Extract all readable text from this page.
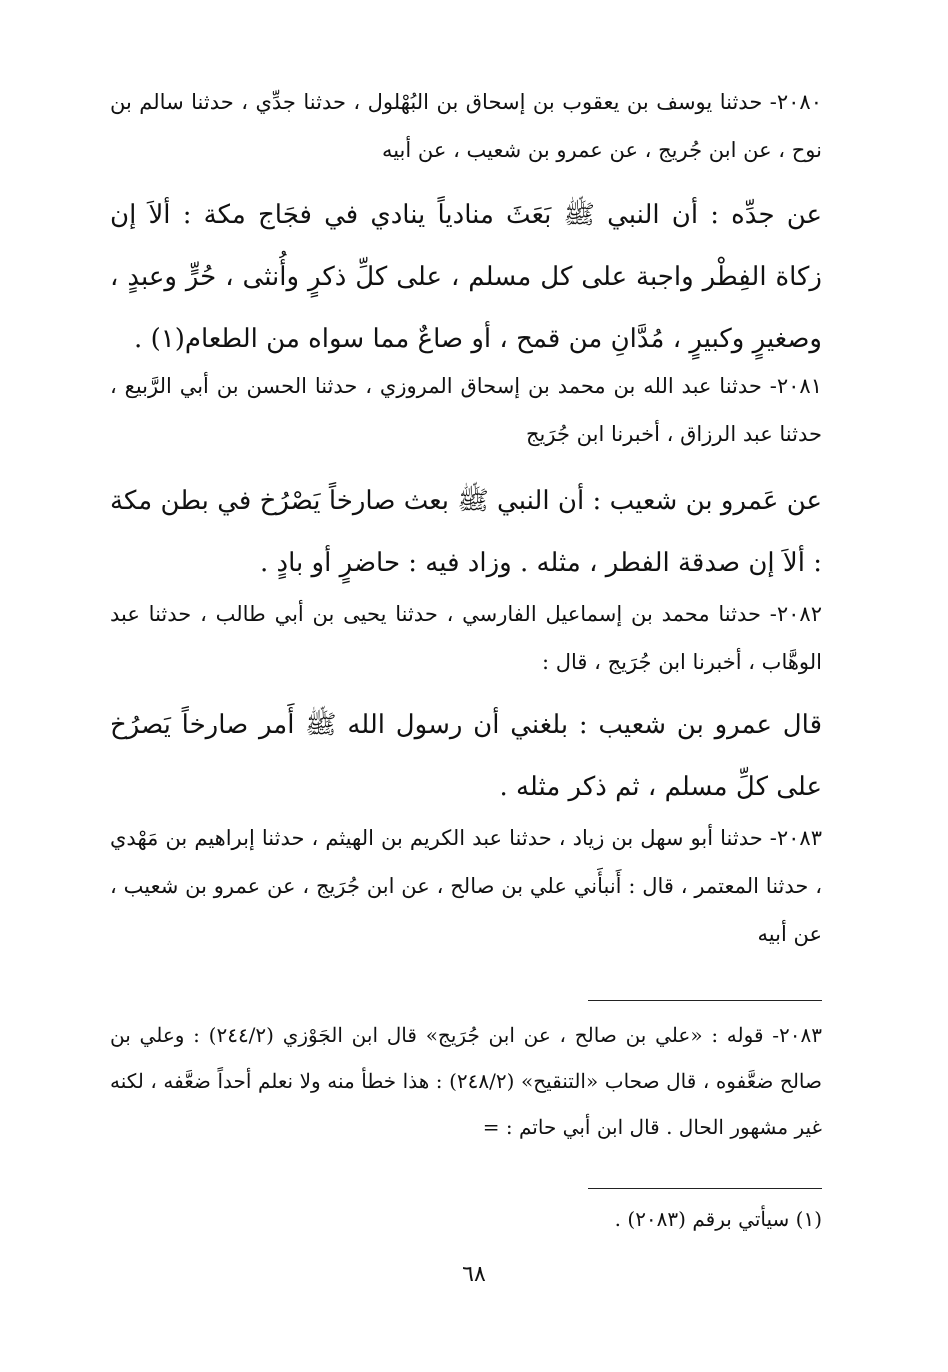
٢٠٨٠- حدثنا يوسف بن يعقوب بن إسحاق بن البُهْلول ، حدثنا جدِّي ، حدثنا سالم بن نوح ، عن ابن جُريج ، عن عمرو بن شعيب ، عن أبيه

عن جدِّه : أن النبي ﷺ بَعَثَ منادياً ينادي في فجَاج مكة : ألاَ إن زكاة الفِطْر واجبة على كل مسلم ، على كلِّ ذكرٍ وأُنثى ، حُرٍّ وعبدٍ ، وصغيرٍ وكبيرٍ ، مُدَّانِ من قمح ، أو صاعٌ مما سواه من الطعام(١) .

٢٠٨١- حدثنا عبد الله بن محمد بن إسحاق المروزي ، حدثنا الحسن بن أبي الرَّبيع ، حدثنا عبد الرزاق ، أخبرنا ابن جُرَيج

عن عَمرو بن شعيب : أن النبي ﷺ بعث صارخاً يَصْرُخ في بطن مكة : ألاَ إن صدقة الفطر ، مثله . وزاد فيه : حاضرٍ أو بادٍ .

٢٠٨٢- حدثنا محمد بن إسماعيل الفارسي ، حدثنا يحيى بن أبي طالب ، حدثنا عبد الوهَّاب ، أخبرنا ابن جُرَيج ، قال :

قال عمرو بن شعيب : بلغني أن رسول الله ﷺ أَمر صارخاً يَصرُخ على كلِّ مسلم ، ثم ذكر مثله .

٢٠٨٣- حدثنا أبو سهل بن زياد ، حدثنا عبد الكريم بن الهيثم ، حدثنا إبراهيم بن مَهْدي ، حدثنا المعتمر ، قال : أَنبأَني علي بن صالح ، عن ابن جُرَيج ، عن عمرو بن شعيب ، عن أبيه

٢٠٨٣- قوله : «علي بن صالح ، عن ابن جُرَيج» قال ابن الجَوْزي (٢٤٤/٢) : وعلي بن صالح ضعَّفوه ، قال صحاب «التنقيح» (٢٤٨/٢) : هذا خطأ منه ولا نعلم أحداً ضعَّفه ، لكنه غير مشهور الحال . قال ابن أبي حاتم : =

(١) سيأتي برقم (٢٠٨٣) .

٦٨
